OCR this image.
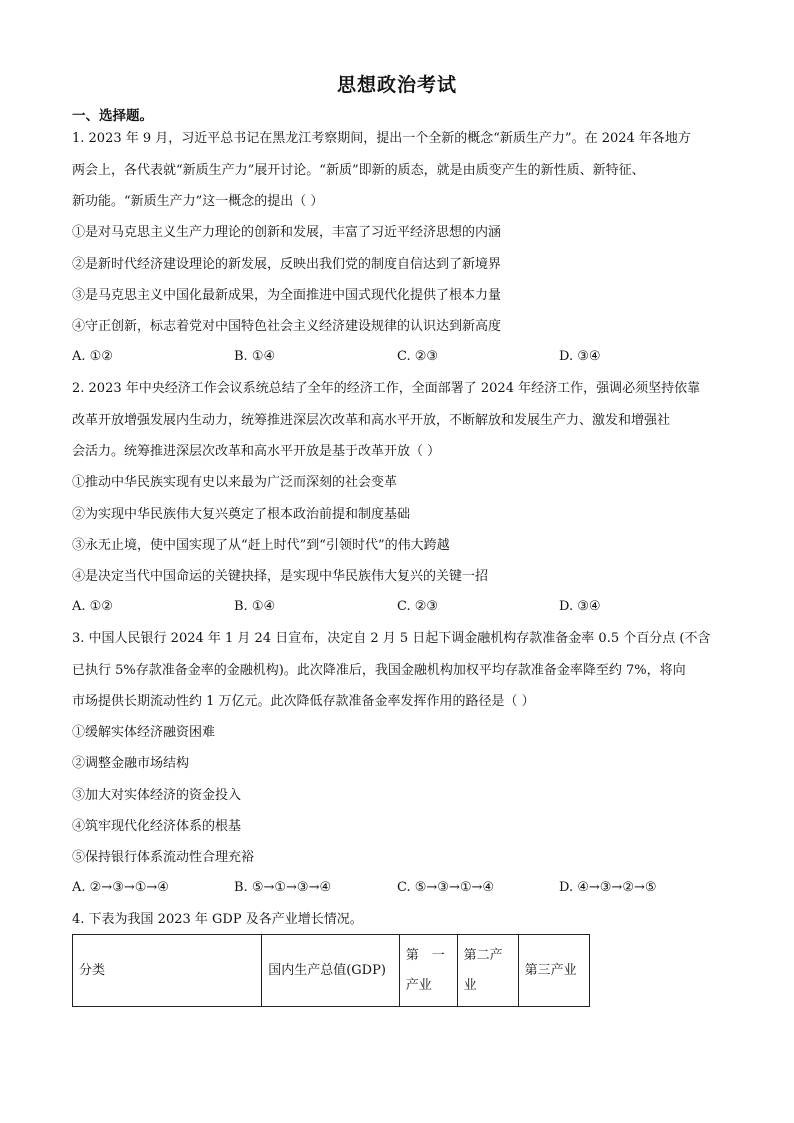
思想政治考试
一、选择题。
1. 2023 年 9 月，习近平总书记在黑龙江考察期间，提出一个全新的概念“新质生产力”。在 2024 年各地方
两会上，各代表就“新质生产力”展开讨论。“新质”即新的质态，就是由质变产生的新性质、新特征、
新功能。“新质生产力”这一概念的提出（ ）
①是对马克思主义生产力理论的创新和发展，丰富了习近平经济思想的内涵
②是新时代经济建设理论的新发展，反映出我们党的制度自信达到了新境界
③是马克思主义中国化最新成果，为全面推进中国式现代化提供了根本力量
④守正创新，标志着党对中国特色社会主义经济建设规律的认识达到新高度
A. ①②	B. ①④	C. ②③	D. ③④
2. 2023 年中央经济工作会议系统总结了全年的经济工作，全面部署了 2024 年经济工作，强调必须坚持依靠
改革开放增强发展内生动力，统筹推进深层次改革和高水平开放，不断解放和发展生产力、激发和增强社
会活力。统筹推进深层次改革和高水平开放是基于改革开放（ ）
①推动中华民族实现有史以来最为广泛而深刻的社会变革
②为实现中华民族伟大复兴奠定了根本政治前提和制度基础
③永无止境，使中国实现了从“赶上时代”到“引领时代”的伟大跨越
④是决定当代中国命运的关键抉择，是实现中华民族伟大复兴的关键一招
A. ①②	B. ①④	C. ②③	D. ③④
3. 中国人民银行 2024 年 1 月 24 日宣布，决定自 2 月 5 日起下调金融机构存款准备金率 0.5 个百分点 (不含
已执行 5%存款准备金率的金融机构)。此次降准后，我国金融机构加权平均存款准备金率降至约 7%，将向
市场提供长期流动性约 1 万亿元。此次降低存款准备金率发挥作用的路径是（ ）
①缓解实体经济融资困难
②调整金融市场结构
③加大对实体经济的资金投入
④筑牢现代化经济体系的根基
⑤保持银行体系流动性合理充裕
A. ②→③→①→④	B. ⑤→①→③→④	C. ⑤→③→①→④	D. ④→③→②→⑤
4. 下表为我国 2023 年 GDP 及各产业增长情况。
分类	国内生产总值(GDP)	第　一 产业	第二产 业	第三产业
